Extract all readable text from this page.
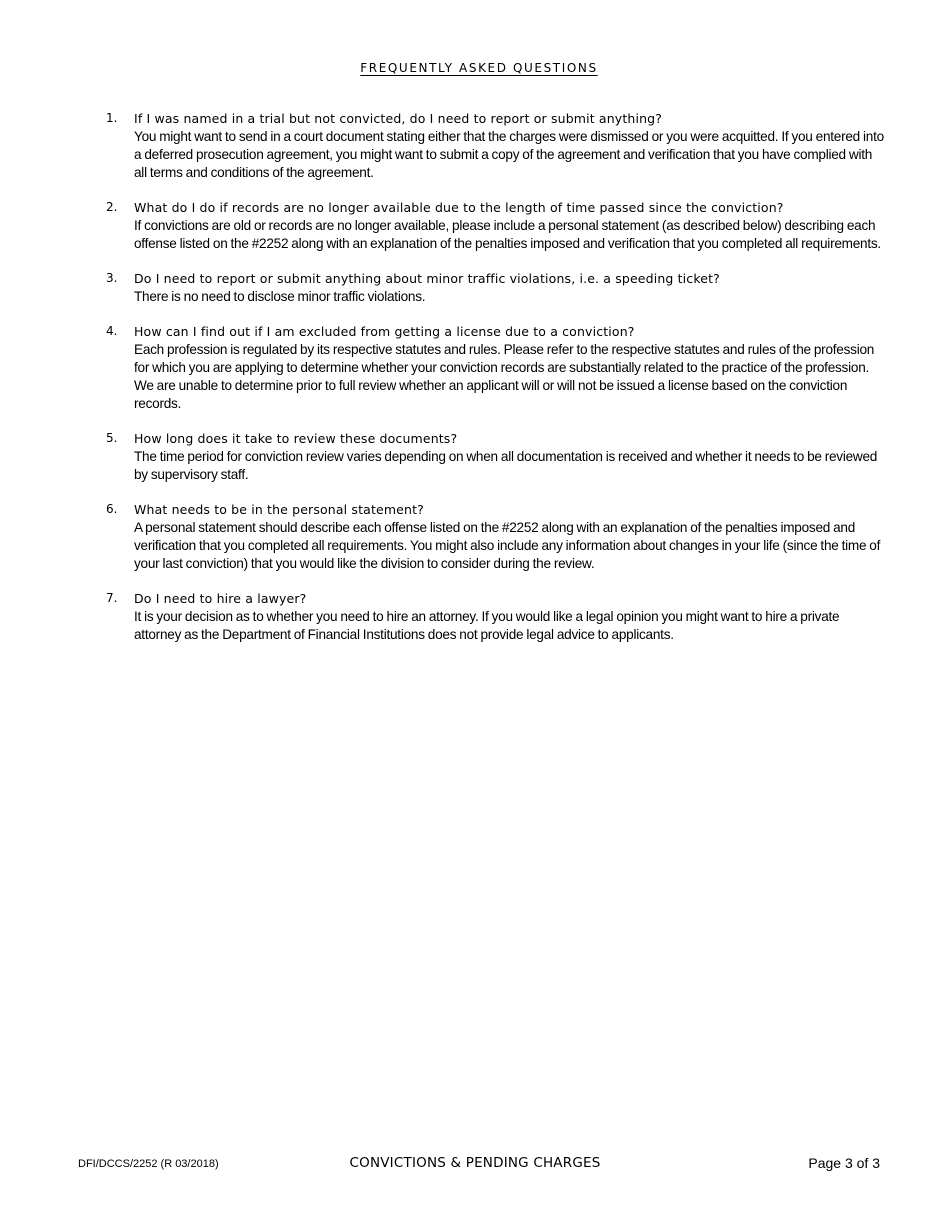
FREQUENTLY ASKED QUESTIONS
1. If I was named in a trial but not convicted, do I need to report or submit anything?
You might want to send in a court document stating either that the charges were dismissed or you were acquitted. If you entered into a deferred prosecution agreement, you might want to submit a copy of the agreement and verification that you have complied with all terms and conditions of the agreement.
2. What do I do if records are no longer available due to the length of time passed since the conviction?
If convictions are old or records are no longer available, please include a personal statement (as described below) describing each offense listed on the #2252 along with an explanation of the penalties imposed and verification that you completed all requirements.
3. Do I need to report or submit anything about minor traffic violations, i.e. a speeding ticket?
There is no need to disclose minor traffic violations.
4. How can I find out if I am excluded from getting a license due to a conviction?
Each profession is regulated by its respective statutes and rules. Please refer to the respective statutes and rules of the profession for which you are applying to determine whether your conviction records are substantially related to the practice of the profession. We are unable to determine prior to full review whether an applicant will or will not be issued a license based on the conviction records.
5. How long does it take to review these documents?
The time period for conviction review varies depending on when all documentation is received and whether it needs to be reviewed by supervisory staff.
6. What needs to be in the personal statement?
A personal statement should describe each offense listed on the #2252 along with an explanation of the penalties imposed and verification that you completed all requirements. You might also include any information about changes in your life (since the time of your last conviction) that you would like the division to consider during the review.
7. Do I need to hire a lawyer?
It is your decision as to whether you need to hire an attorney. If you would like a legal opinion you might want to hire a private attorney as the Department of Financial Institutions does not provide legal advice to applicants.
DFI/DCCS/2252 (R 03/2018)	CONVICTIONS & PENDING CHARGES	Page 3 of 3
